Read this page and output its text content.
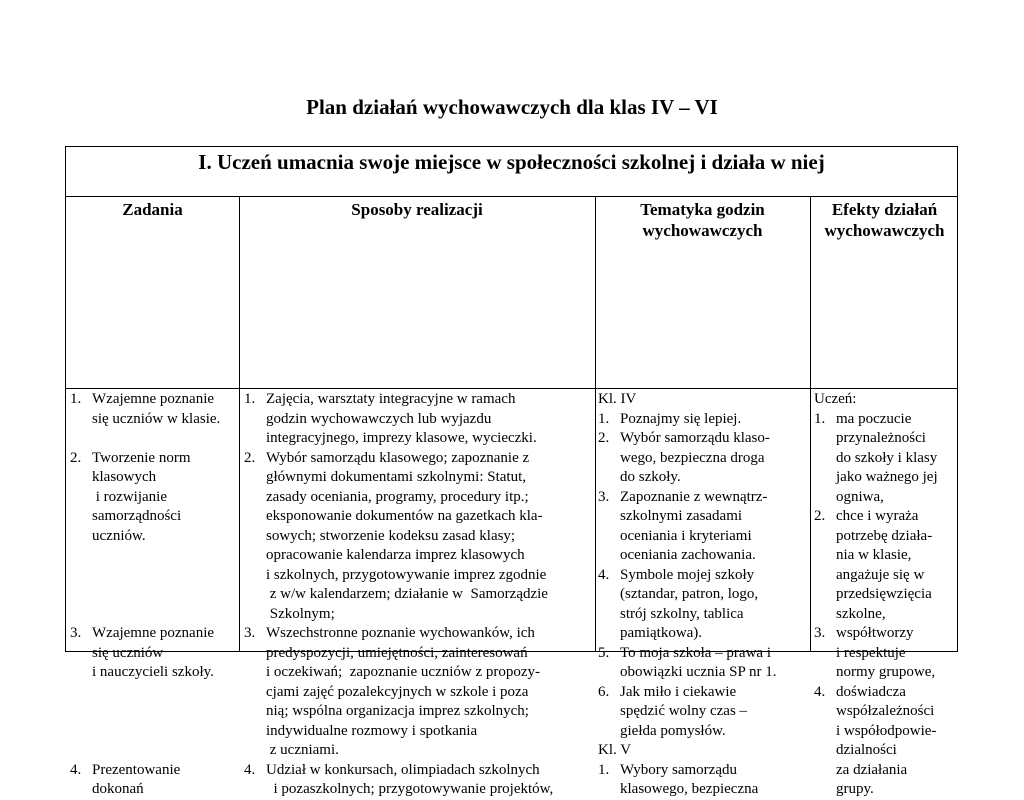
Plan działań wychowawczych dla klas IV – VI
I. Uczeń umacnia swoje miejsce w społeczności szkolnej i działa w niej
Zadania	Sposoby realizacji	Tematyka godzin
wychowawczych
Efekty działań
wychowawczych
1. Wzajemne poznanie
się uczniów w klasie.
2. Tworzenie norm
klasowych
i rozwijanie
samorządności
uczniów.
3. Wzajemne poznanie
się uczniów
i nauczycieli szkoły.
4. Prezentowanie
dokonań
1. Zajęcia, warsztaty integracyjne w ramach
godzin wychowawczych lub wyjazdu
integracyjnego, imprezy klasowe, wycieczki.
2. Wybór samorządu klasowego; zapoznanie z
głównymi dokumentami szkolnymi: Statut,
zasady oceniania, programy, procedury itp.;
eksponowanie dokumentów na gazetkach kla-
sowych; stworzenie kodeksu zasad klasy;
opracowanie kalendarza imprez klasowych
i szkolnych, przygotowywanie imprez zgodnie
z w/w kalendarzem; działanie w  Samorządzie
Szkolnym;
3. Wszechstronne poznanie wychowanków, ich
predyspozycji, umiejętności, zainteresowań
i oczekiwań;  zapoznanie uczniów z propozy-
cjami zajęć pozalekcyjnych w szkole i poza
nią; wspólna organizacja imprez szkolnych;
indywidualne rozmowy i spotkania
z uczniami.
4. Udział w konkursach, olimpiadach szkolnych
i pozaszkolnych; przygotowywanie projektów,
Kl. IV
1. Poznajmy się lepiej.
2. Wybór samorządu klaso-
wego, bezpieczna droga
do szkoły.
3. Zapoznanie z wewnątrz-
szkolnymi zasadami
oceniania i kryteriami
oceniania zachowania.
4. Symbole mojej szkoły
(sztandar, patron, logo,
strój szkolny, tablica
pamiątkowa).
5. To moja szkoła – prawa i
obowiązki ucznia SP nr 1.
6. Jak miło i ciekawie
spędzić wolny czas –
giełda pomysłów.
Kl. V
1. Wybory samorządu
klasowego, bezpieczna
Uczeń:
1. ma poczucie
przynależności
do szkoły i klasy
jako ważnego jej
ogniwa,
2. chce i wyraża
potrzebę działa-
nia w klasie,
angażuje się w
przedsięwzięcia
szkolne,
3. współtworzy
i respektuje
normy grupowe,
4. doświadcza
współzależności
i współodpowie-
dzialności
za działania
grupy.
